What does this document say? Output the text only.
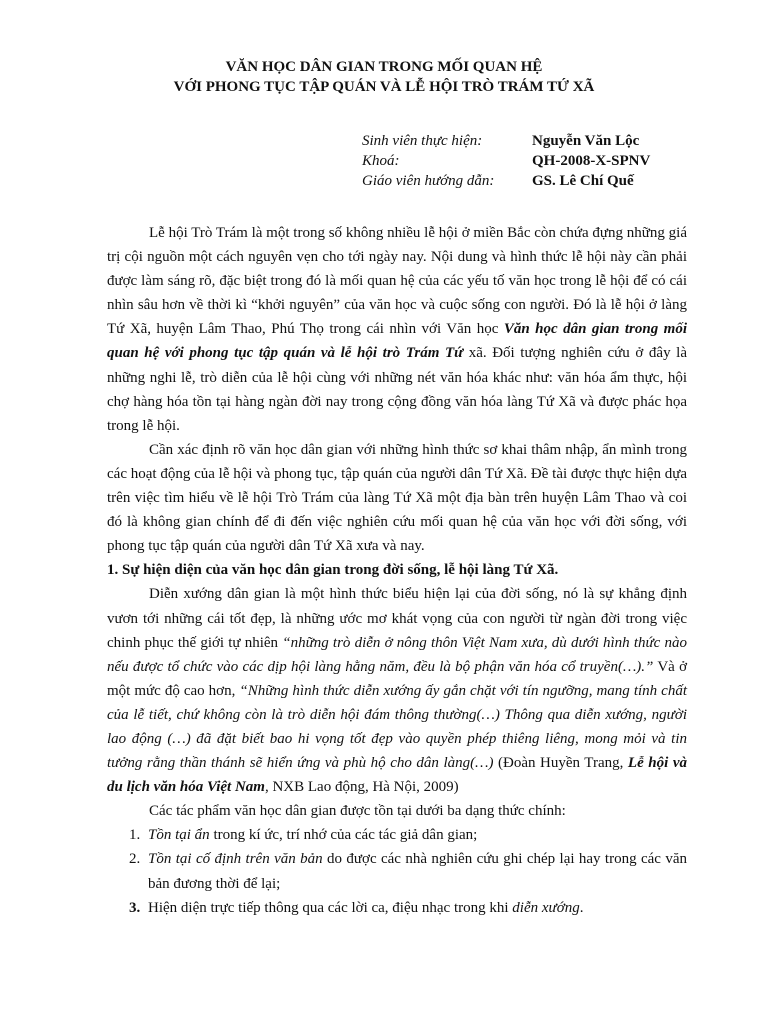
VĂN HỌC DÂN GIAN TRONG MỐI QUAN HỆ
VỚI PHONG TỤC TẬP QUÁN VÀ LỄ HỘI TRÒ TRÁM TỨ XÃ
Sinh viên thực hiện:	Nguyễn Văn Lộc
Khoá:	QH-2008-X-SPNV
Giáo viên hướng dẫn:	GS. Lê Chí Quế

Lễ hội Trò Trám là một trong số không nhiều lễ hội ở miền Bắc còn chứa đựng những giá trị cội nguồn một cách nguyên vẹn cho tới ngày nay. Nội dung và hình thức lễ hội này cần phải được làm sáng rõ, đặc biệt trong đó là mối quan hệ của các yếu tố văn học trong lễ hội để có cái nhìn sâu hơn về thời kì “khởi nguyên” của văn học và cuộc sống con người. Đó là lễ hội ở làng Tứ Xã, huyện Lâm Thao, Phú Thọ trong cái nhìn với Văn học Văn học dân gian trong mối quan hệ với phong tục tập quán và lễ hội trò Trám Tứ xã. Đối tượng nghiên cứu ở đây là những nghi lễ, trò diễn của lễ hội cùng với những nét văn hóa khác như: văn hóa ẩm thực, hội chợ hàng hóa tồn tại hàng ngàn đời nay trong cộng đồng văn hóa làng Tứ Xã và được phác họa trong lễ hội.

Cần xác định rõ văn học dân gian với những hình thức sơ khai thâm nhập, ẩn mình trong các hoạt động của lễ hội và phong tục, tập quán của người dân Tứ Xã. Đề tài được thực hiện dựa trên việc tìm hiểu về lễ hội Trò Trám của làng Tứ Xã một địa bàn trên huyện Lâm Thao và coi đó là không gian chính để đi đến việc nghiên cứu mối quan hệ của văn học với đời sống, với phong tục tập quán của người dân Tứ Xã xưa và nay.

1. Sự hiện diện của văn học dân gian trong đời sống, lễ hội làng Tứ Xã.

Diễn xướng dân gian là một hình thức biểu hiện lại của đời sống, nó là sự khẳng định vươn tới những cái tốt đẹp, là những ước mơ khát vọng của con người từ ngàn đời trong việc chinh phục thế giới tự nhiên “những trò diễn ở nông thôn Việt Nam xưa, dù dưới hình thức nào nếu được tổ chức vào các dịp hội làng hằng năm, đều là bộ phận văn hóa cổ truyền(…).” Và ở một mức độ cao hơn, “Những hình thức diễn xướng ấy gắn chặt với tín ngưỡng, mang tính chất của lễ tiết, chứ không còn là trò diễn hội đám thông thường(…) Thông qua diễn xướng, người lao động (…) đã đặt biết bao hi vọng tốt đẹp vào quyền phép thiêng liêng, mong mỏi và tin tưởng rằng thần thánh sẽ hiển ứng và phù hộ cho dân làng(…) (Đoàn Huyền Trang, Lễ hội và du lịch văn hóa Việt Nam, NXB Lao động, Hà Nội, 2009)

Các tác phẩm văn học dân gian được tồn tại dưới ba dạng thức chính:

1. Tồn tại ẩn trong kí ức, trí nhớ của các tác giả dân gian;
2. Tồn tại cố định trên văn bản do được các nhà nghiên cứu ghi chép lại hay trong các văn bản đương thời để lại;
3. Hiện diện trực tiếp thông qua các lời ca, điệu nhạc trong khi diễn xướng.
